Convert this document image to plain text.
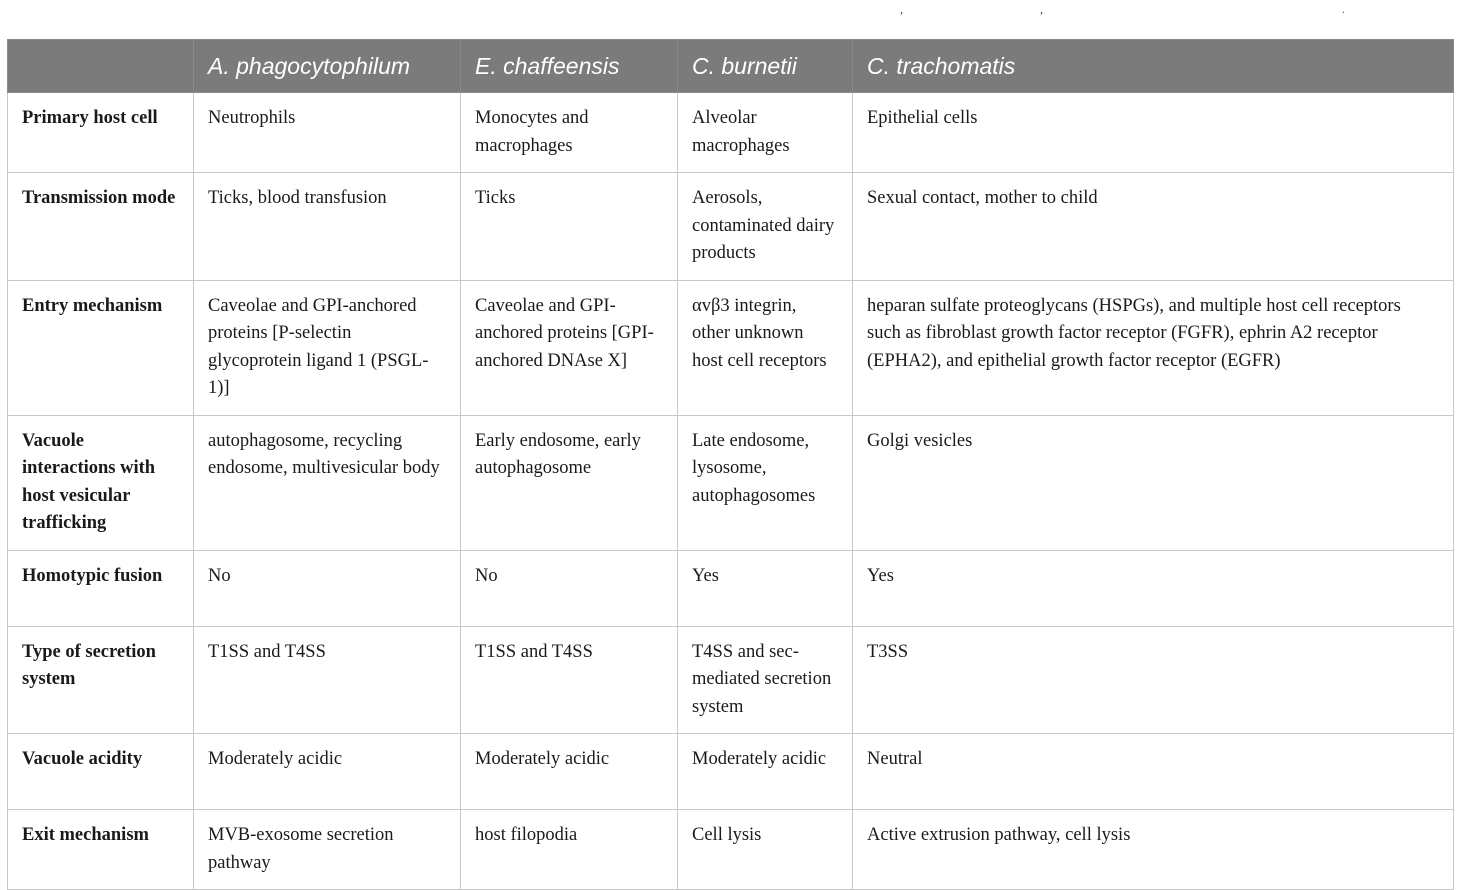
,	,	.
	A. phagocytophilum	E. chaffeensis	C. burnetii	C. trachomatis
Primary host cell	Neutrophils	Monocytes and macrophages	Alveolar macrophages	Epithelial cells
Transmission mode	Ticks, blood transfusion	Ticks	Aerosols, contaminated dairy products	Sexual contact, mother to child
Entry mechanism	Caveolae and GPI-anchored proteins [P-selectin glycoprotein ligand 1 (PSGL-1)]	Caveolae and GPI-anchored proteins [GPI-anchored DNAse X]	αvβ3 integrin, other unknown host cell receptors	heparan sulfate proteoglycans (HSPGs), and multiple host cell receptors such as fibroblast growth factor receptor (FGFR), ephrin A2 receptor (EPHA2), and epithelial growth factor receptor (EGFR)
Vacuole interactions with host vesicular trafficking	autophagosome, recycling endosome, multivesicular body	Early endosome, early autophagosome	Late endosome, lysosome, autophagosomes	Golgi vesicles
Homotypic fusion	No	No	Yes	Yes
Type of secretion system	T1SS and T4SS	T1SS and T4SS	T4SS and sec-mediated secretion system	T3SS
Vacuole acidity	Moderately acidic	Moderately acidic	Moderately acidic	Neutral
Exit mechanism	MVB-exosome secretion pathway	host filopodia	Cell lysis	Active extrusion pathway, cell lysis
